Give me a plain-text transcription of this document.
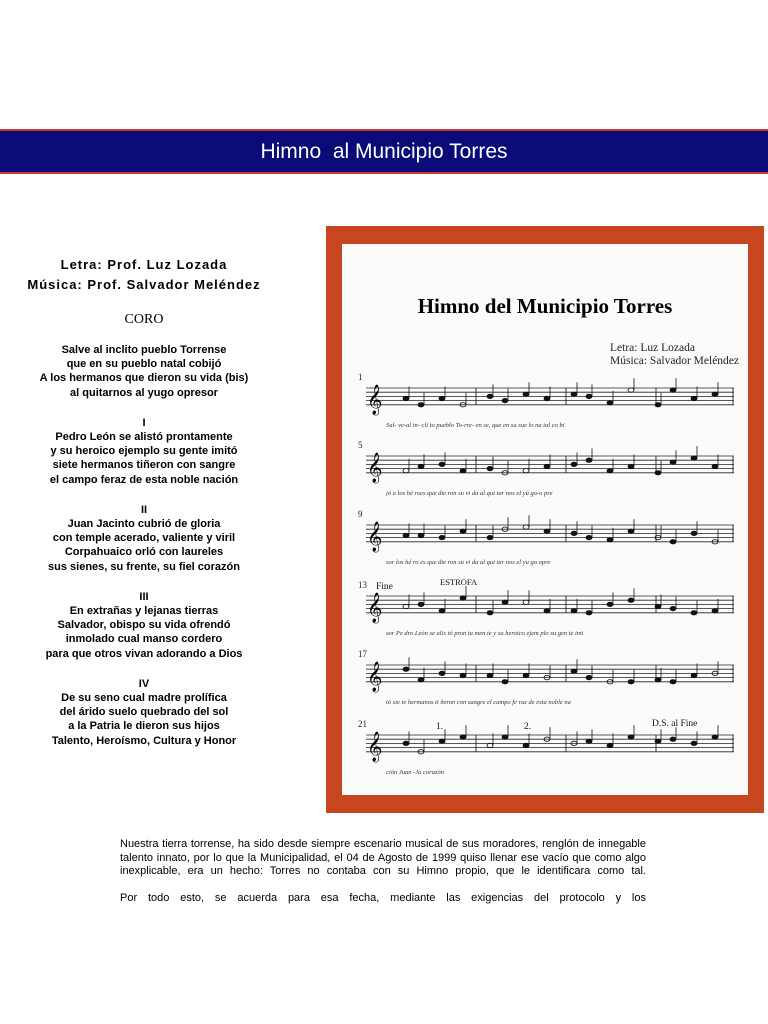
Himno  al Municipio Torres

Letra: Prof. Luz Lozada

Música: Prof. Salvador Meléndez

CORO
Salve al inclito pueblo Torrense
que en su pueblo natal cobijó
A los hermanos que dieron su vida (bis)
al quitarnos al yugo opresor
I
Pedro León se alistó prontamente
y su heroico ejemplo su gente imitó
siete hermanos tiñeron con sangre
el campo feraz de esta noble nación
II
Juan Jacinto cubrió de gloria
con temple acerado, valiente y viril
Corpahuaico orló con laureles
sus sienes, su frente, su fiel corazón
III
En extrañas y lejanas tierras
Salvador, obispo su vida ofrendó
inmolado cual manso cordero
para que otros vivan adorando a Dios
IV
De su seno cual madre prolífica
del árido suelo quebrado del sol
a la Patria le dieron sus hijos
Talento, Heroísmo, Cultura y Honor
Himno del Municipio Torres
Letra: Luz Lozada
Música: Salvador Meléndez
1
𝄞
Sal- ve-al in- cli to pueblo To-rre- en se, que en su sue lo na tal co bi
5
𝄞
jó a los hé roes que die ron su vi da al qui tar nos el yú go-o pre
9
𝄞
sor los hé ro es que die ron su vi da al qui tar nos el yu go opre
13
𝄞
sor Pe dro León se alis tó pron ta men te y su heroico ejem plo su gen te imi
Fine	ESTROFA
17
𝄞
tó sie te hermanos ti ñeron con sangre el campo fe raz de esta noble na
21
𝄞
ción Juan -Ja corazón
1.	2.	D.S. al Fine

Nuestra tierra torrense, ha sido desde siempre escenario musical de sus moradores, renglón de innegable talento innato, por lo que la Municipalidad, el 04 de Agosto de 1999 quiso llenar ese vacío que como algo inexplicable, era un hecho: Torres no contaba con su Himno propio, que le identificara como tal.

Por todo esto, se acuerda para esa fecha, mediante las exigencias del protocolo y los
